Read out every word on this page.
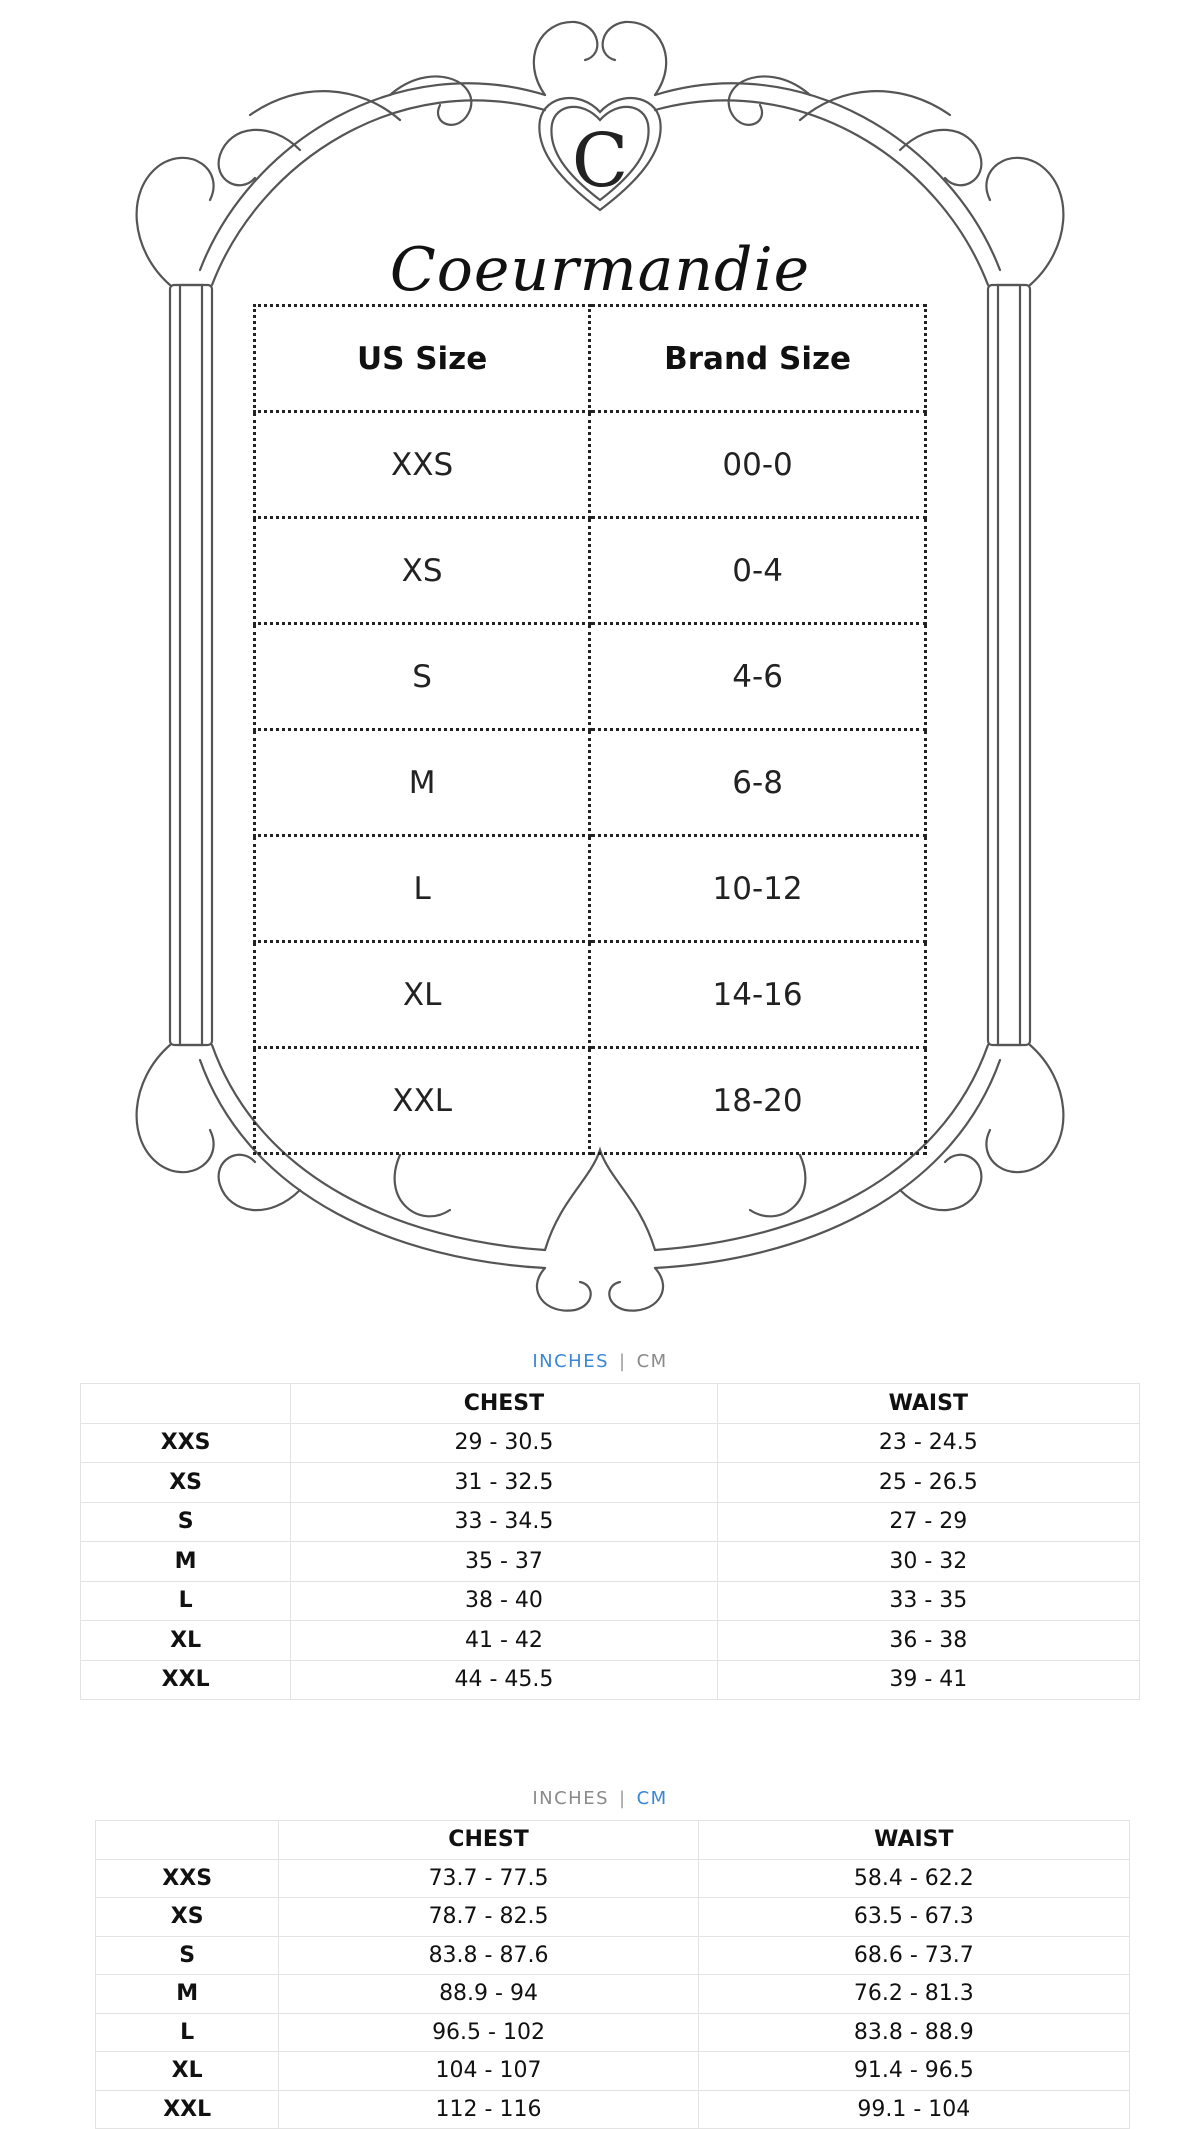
C
Coeurmandie
US Size	Brand Size
XXS	00-0
XS	0-4
S	4-6
M	6-8
L	10-12
XL	14-16
XXL	18-20
INCHES | CM
	CHEST	WAIST
XXS	29 - 30.5	23 - 24.5
XS	31 - 32.5	25 - 26.5
S	33 - 34.5	27 - 29
M	35 - 37	30 - 32
L	38 - 40	33 - 35
XL	41 - 42	36 - 38
XXL	44 - 45.5	39 - 41
INCHES | CM
	CHEST	WAIST
XXS	73.7 - 77.5	58.4 - 62.2
XS	78.7 - 82.5	63.5 - 67.3
S	83.8 - 87.6	68.6 - 73.7
M	88.9 - 94	76.2 - 81.3
L	96.5 - 102	83.8 - 88.9
XL	104 - 107	91.4 - 96.5
XXL	112 - 116	99.1 - 104
